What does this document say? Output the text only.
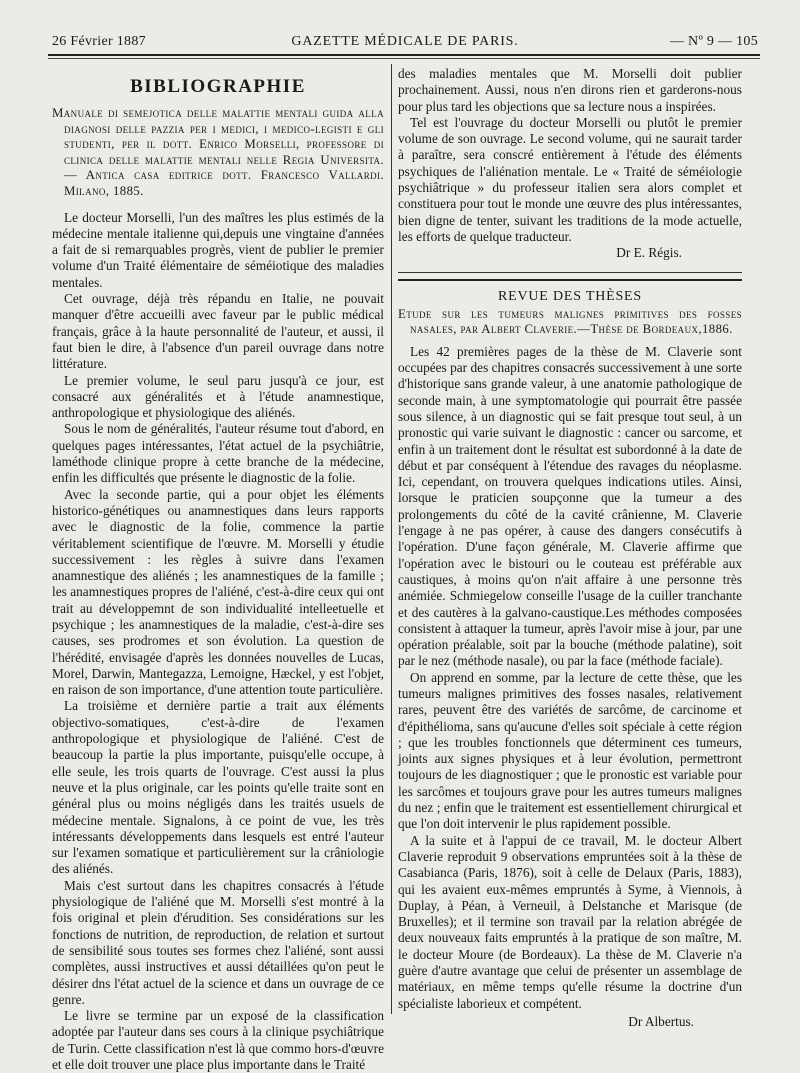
26 Février 1887	GAZETTE MÉDICALE DE PARIS.	— Nº 9 — 105
BIBLIOGRAPHIE
Manuale di semejotica delle malattie mentali guida alla diagnosi delle pazzia per i medici, i medico-legisti e gli studenti, per il dott. Enrico Morselli, professore di clinica delle malattie mentali nelle Regia Universita. — Antica casa editrice dott. Francesco Vallardi. Milano, 1885.

Le docteur Morselli, l'un des maîtres les plus estimés de la médecine mentale italienne qui,depuis une vingtaine d'années a fait de si remarquables progrès, vient de publier le premier volume d'un Traité élémentaire de séméiotique des maladies mentales.

Cet ouvrage, déjà très répandu en Italie, ne pouvait manquer d'être accueilli avec faveur par le public médical français, grâce à la haute personnalité de l'auteur, et aussi, il faut bien le dire, à l'absence d'un pareil ouvrage dans notre littérature.

Le premier volume, le seul paru jusqu'à ce jour, est consacré aux généralités et à l'étude anamnestique, anthropologique et physiologique des aliénés.

Sous le nom de généralités, l'auteur résume tout d'abord, en quelques pages intéressantes, l'état actuel de la psychiâtrie, laméthode clinique propre à cette branche de la médecine, enfin les difficultés que présente le diagnostic de la folie.

Avec la seconde partie, qui a pour objet les éléments historico-génétiques ou anamnestiques dans leurs rapports avec le diagnostic de la folie, commence la partie véritablement scientifique de l'œuvre. M. Morselli y étudie successivement : les règles à suivre dans l'examen anamnestique des aliénés ; les anamnestiques de la famille ; les anamnestiques propres de l'aliéné, c'est-à-dire ceux qui ont trait au développemnt de son individualité intelleetuelle et psychique ; les anamnestiques de la maladie, c'est-à-dire ses causes, ses prodromes et son évolution. La question de l'hérédité, envisagée d'après les données nouvelles de Lucas, Morel, Darwin, Mantegazza, Lemoigne, Hæckel, y est l'objet, en raison de son importance, d'une attention toute particulière.

La troisième et dernière partie a trait aux éléments objectivo-somatiques, c'est-à-dire de l'examen anthropologique et physiologique de l'aliéné. C'est de beaucoup la partie la plus importante, puisqu'elle occupe, à elle seule, les trois quarts de l'ouvrage. C'est aussi la plus neuve et la plus originale, car les points qu'elle traite sont en général plus ou moins négligés dans les traités usuels de médecine mentale. Signalons, à ce point de vue, les très intéressants développements dans lesquels est entré l'auteur sur l'examen somatique et particulièrement sur la crâniologie des aliénés.

Mais c'est surtout dans les chapitres consacrés à l'étude physiologique de l'aliéné que M. Morselli s'est montré à la fois original et plein d'érudition. Ses considérations sur les fonctions de nutrition, de reproduction, de relation et surtout de sensibilité sous toutes ses formes chez l'aliéné, sont aussi complètes, aussi instructives et aussi détaillées qu'on peut le désirer dns l'état actuel de la science et dans un ouvrage de ce genre.

Le livre se termine par un exposé de la classification adoptée par l'auteur dans ses cours à la clinique psychiâtrique de Turin. Cette classification n'est là que commo hors-d'œuvre et elle doit trouver une place plus importante dans le Traité

des maladies mentales que M. Morselli doit publier prochainement. Aussi, nous n'en dirons rien et garderons-nous pour plus tard les objections que sa lecture nous a inspirées.

Tel est l'ouvrage du docteur Morselli ou plutôt le premier volume de son ouvrage. Le second volume, qui ne saurait tarder à paraître, sera conscré entièrement à l'étude des éléments psychiques de l'aliénation mentale. Le « Traité de séméiologie psychiâtrique » du professeur italien sera alors complet et constituera pour tout le monde une œuvre des plus intéressantes, bien digne de tenter, suivant les traditions de la mode actuelle, les efforts de quelque traducteur.

Dr E. Régis.

REVUE DES THÈSES
Etude sur les tumeurs malignes primitives des fosses nasales, par Albert Claverie.—Thèse de Bordeaux,1886.

Les 42 premières pages de la thèse de M. Claverie sont occupées par des chapitres consacrés successivement à une sorte d'historique sans grande valeur, à une anatomie pathologique de seconde main, à une symptomatologie qui pourrait être passée sous silence, à un diagnostic qui se fait presque tout seul, à un pronostic qui varie suivant le diagnostic : cancer ou sarcome, et enfin à un traitement dont le résultat est subordonné à la date de début et par conséquent à l'étendue des ravages du néoplasme. Ici, cependant, on trouvera quelques indications utiles. Ainsi, lorsque le praticien soupçonne que la tumeur a des prolongements du côté de la cavité crânienne, M. Claverie l'engage à ne pas opérer, à cause des dangers consécutifs à l'opération. D'une façon générale, M. Claverie affirme que l'opération avec le bistouri ou le couteau est préférable aux caustiques, à moins qu'on n'ait affaire à une personne très anémiée. Schmiegelow conseille l'usage de la cuiller tranchante et des cautères à la galvano-caustique.Les méthodes composées consistent à attaquer la tumeur, après l'avoir mise à jour, par une opération préalable, soit par la bouche (méthode palatine), soit par le nez (méthode nasale), ou par la face (méthode faciale).

On apprend en somme, par la lecture de cette thèse, que les tumeurs malignes primitives des fosses nasales, relativement rares, peuvent être des variétés de sarcôme, de carcinome et d'épithélioma, sans qu'aucune d'elles soit spéciale à cette région ; que les troubles fonctionnels que déterminent ces tumeurs, joints aux signes physiques et à leur évolution, permettront toujours de les diagnostiquer ; que le pronostic est variable pour les sarcômes et toujours grave pour les autres tumeurs malignes du nez ; enfin que le traitement est essentiellement chirurgical et que l'on doit intervenir le plus rapidement possible.

A la suite et à l'appui de ce travail, M. le docteur Albert Claverie reproduit 9 observations empruntées soit à la thèse de Casabianca (Paris, 1876), soit à celle de Delaux (Paris, 1883), qui les avaient eux-mêmes empruntés à Syme, à Viennois, à Duplay, à Péan, à Verneuil, à Delstanche et Marisque (de Bruxelles); et il termine son travail par la relation abrégée de deux nouveaux faits empruntés à la pratique de son maître, M. le docteur Moure (de Bordeaux). La thèse de M. Claverie n'a guère d'autre avantage que celui de présenter un assemblage de matériaux, en même temps qu'elle résume la doctrine d'un spécialiste laborieux et compétent.

Dr Albertus.
